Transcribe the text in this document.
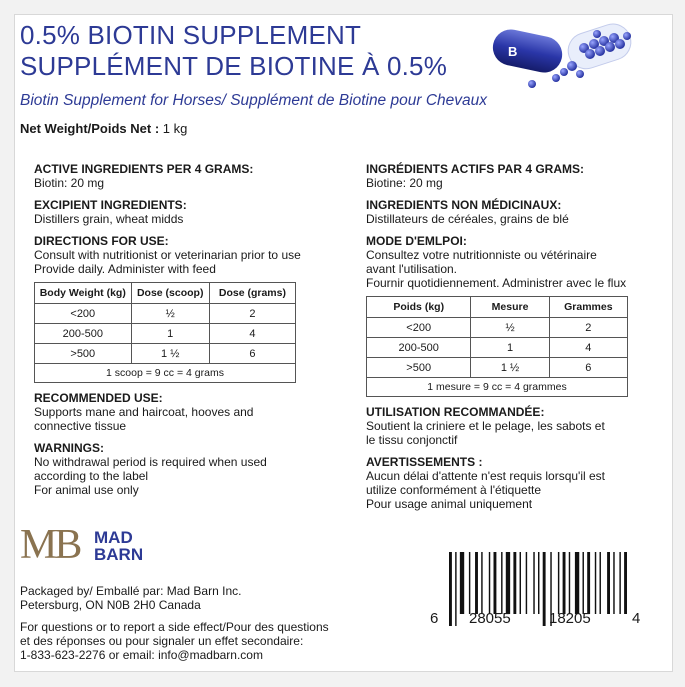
0.5% BIOTIN SUPPLEMENT
SUPPLÉMENT DE BIOTINE À 0.5%
Biotin Supplement for Horses/ Supplément de Biotine pour Chevaux
B
Net Weight/Poids Net : 1 kg

ACTIVE INGREDIENTS PER 4 GRAMS:

Biotin: 20 mg

EXCIPIENT INGREDIENTS:

Distillers grain, wheat midds

DIRECTIONS FOR USE:

Consult with nutritionist or veterinarian prior to use

Provide daily. Administer with feed

Body Weight (kg)	Dose (scoop)	Dose (grams)
<200	½	2
200-500	1	4
>500	1 ½	6
1 scoop = 9 cc = 4 grams		

RECOMMENDED USE:

Supports mane and haircoat, hooves and

connective tissue

WARNINGS:

No withdrawal period is required when used

according to the label

For animal use only

INGRÉDIENTS ACTIFS PAR 4 GRAMS:

Biotine: 20 mg

INGREDIENTS NON MÉDICINAUX:

Distillateurs de céréales, grains de blé

MODE D'EMLPOI:

Consultez votre nutritionniste ou vétérinaire

avant l'utilisation.

Fournir quotidiennement. Administrer avec le flux

Poids (kg)	Mesure	Grammes
<200	½	2
200-500	1	4
>500	1 ½	6
1 mesure = 9 cc = 4 grammes		

UTILISATION RECOMMANDÉE:

Soutient la criniere et le pelage, les sabots et

le tissu conjonctif

AVERTISSEMENTS :

Aucun délai d'attente n'est requis lorsqu'il est

utilize conformément à l'étiquette

Pour usage animal uniquement

MB MAD
BARN
Packaged by/ Emballé par: Mad Barn Inc.
Petersburg, ON N0B 2H0 Canada
For questions or to report a side effect/Pour des questions
et des réponses ou pour signaler un effet secondaire:
1-833-623-2276 or email: info@madbarn.com
6 28055	18205	4
